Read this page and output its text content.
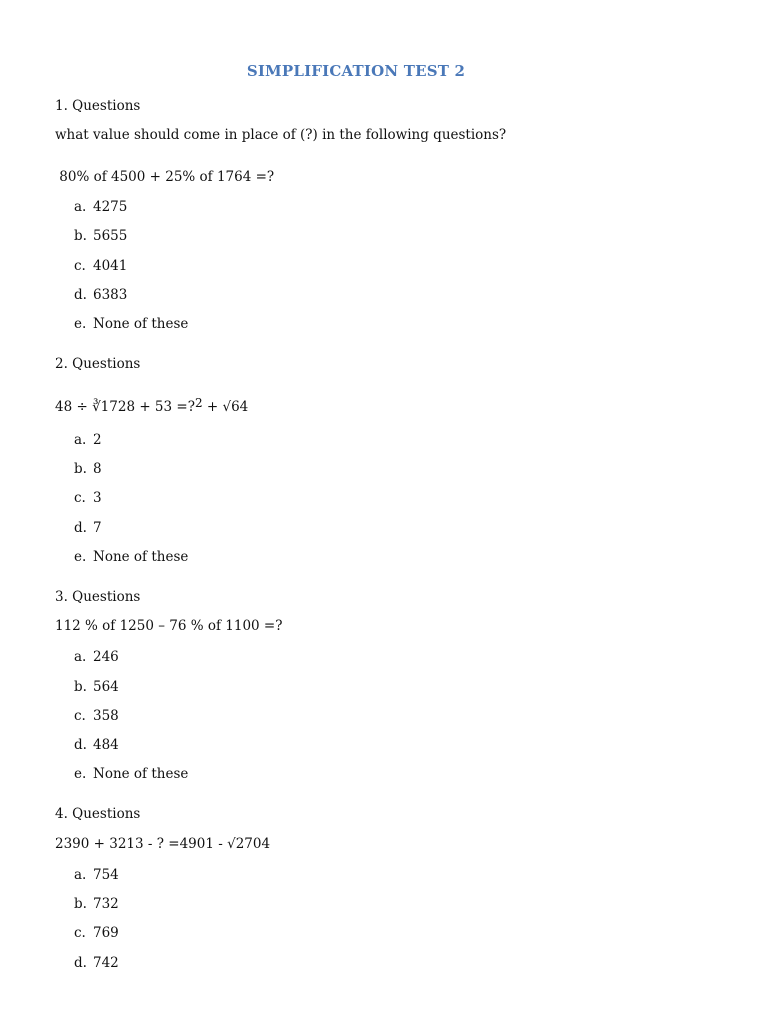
SIMPLIFICATION TEST 2
1. Questions
what value should come in place of (?) in the following questions?
80% of 4500 + 25% of 1764 =?
a. 4275
b. 5655
c. 4041
d. 6383
e. None of these
2. Questions
48 ÷ ∛1728 + 53 =?$^2$ + √64
a. 2
b. 8
c. 3
d. 7
e. None of these
3. Questions
112 % of 1250 – 76 % of 1100 =?
a. 246
b. 564
c. 358
d. 484
e. None of these
4. Questions
2390 + 3213 - ? =4901 - √2704
a. 754
b. 732
c. 769
d. 742
